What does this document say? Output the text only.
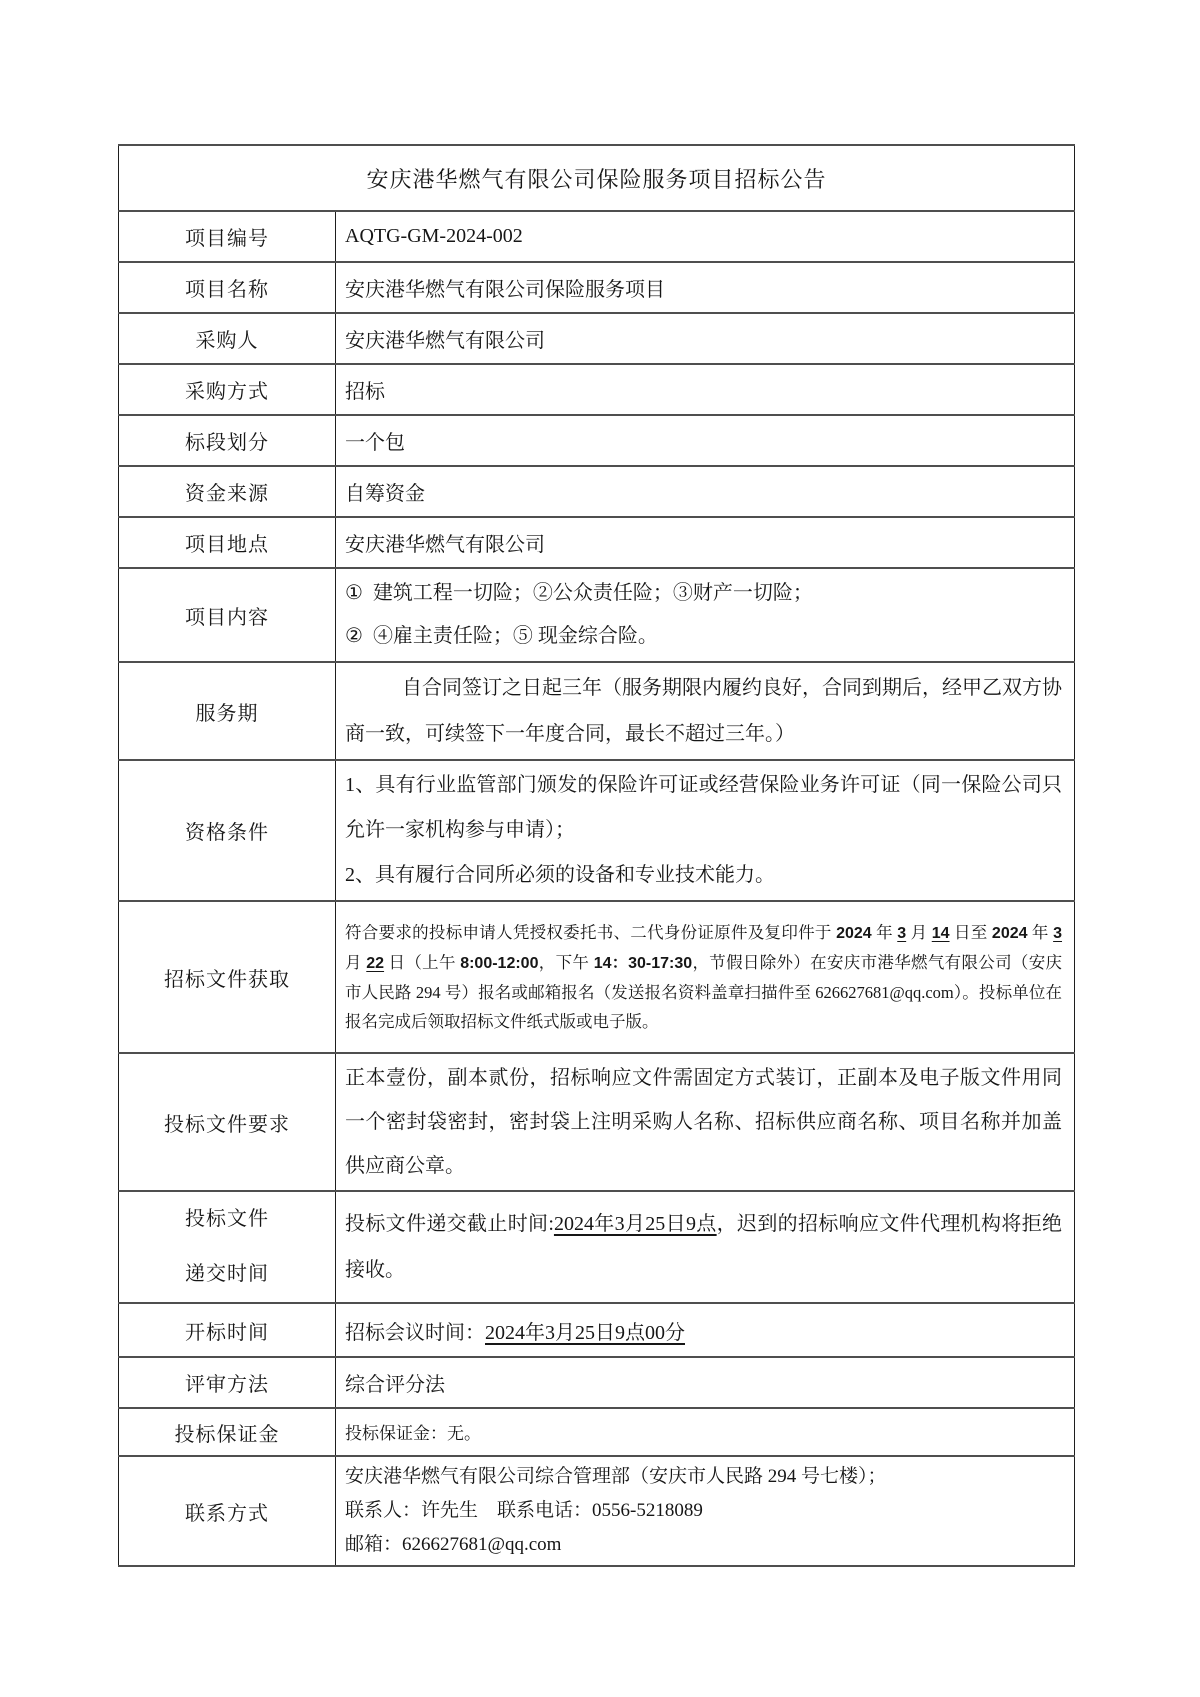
安庆港华燃气有限公司保险服务项目招标公告	
项目编号	AQTG-GM-2024-002
项目名称	安庆港华燃气有限公司保险服务项目
采购人	安庆港华燃气有限公司
采购方式	招标
标段划分	一个包
资金来源	自筹资金
项目地点	安庆港华燃气有限公司
项目内容	① 建筑工程一切险；②公众责任险；③财产一切险；

② ④雇主责任险；⑤ 现金综合险。

服务期	自合同签订之日起三年（服务期限内履约良好，合同到期后，经甲乙双方协商一致，可续签下一年度合同，最长不超过三年。）

资格条件	1、具有行业监管部门颁发的保险许可证或经营保险业务许可证（同一保险公司只允许一家机构参与申请）；

2、具有履行合同所必须的设备和专业技术能力。

招标文件获取	符合要求的投标申请人凭授权委托书、二代身份证原件及复印件于 2024 年 3 月 14 日至 2024 年 3 月 22 日（上午 8:00-12:00，下午 14：30-17:30，节假日除外）在安庆市港华燃气有限公司（安庆市人民路 294 号）报名或邮箱报名（发送报名资料盖章扫描件至 626627681@qq.com）。投标单位在报名完成后领取招标文件纸式版或电子版。

投标文件要求	正本壹份，副本贰份，招标响应文件需固定方式装订，正副本及电子版文件用同一个密封袋密封，密封袋上注明采购人名称、招标供应商名称、项目名称并加盖供应商公章。

投标文件
递交时间	投标文件递交截止时间:2024年3月25日9点，迟到的招标响应文件代理机构将拒绝接收。

开标时间	招标会议时间：2024年3月25日9点00分
评审方法	综合评分法
投标保证金	投标保证金：无。
联系方式	安庆港华燃气有限公司综合管理部（安庆市人民路 294 号七楼）；

联系人：许先生　联系电话：0556-5218089

邮箱：626627681@qq.com
